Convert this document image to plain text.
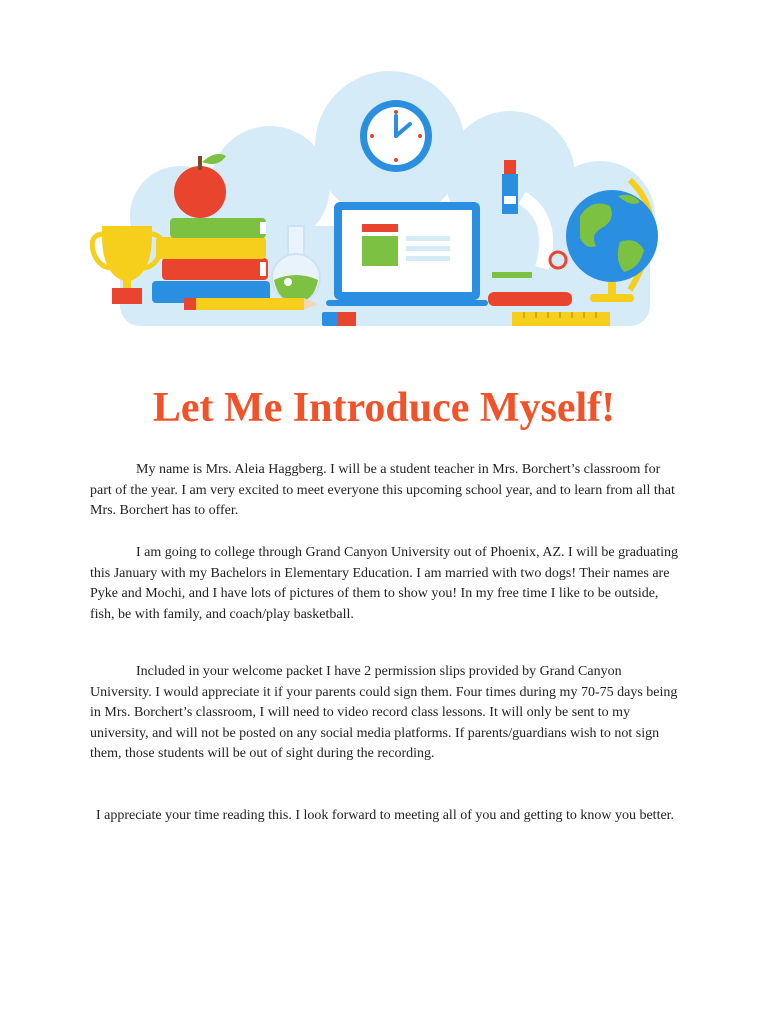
Let Me Introduce Myself!

My name is Mrs. Aleia Haggberg. I will be a student teacher in Mrs. Borchert’s classroom for part of the year. I am very excited to meet everyone this upcoming school year, and to learn from all that Mrs. Borchert has to offer.

I am going to college through Grand Canyon University out of Phoenix, AZ. I will be graduating this January with my Bachelors in Elementary Education. I am married with two dogs! Their names are Pyke and Mochi, and I have lots of pictures of them to show you! In my free time I like to be outside, fish, be with family, and coach/play basketball.

Included in your welcome packet I have 2 permission slips provided by Grand Canyon University. I would appreciate it if your parents could sign them. Four times during my 70-75 days being in Mrs. Borchert’s classroom, I will need to video record class lessons. It will only be sent to my university, and will not be posted on any social media platforms. If parents/guardians wish to not sign them, those students will be out of sight during the recording.

I appreciate your time reading this. I look forward to meeting all of you and getting to know you better.
